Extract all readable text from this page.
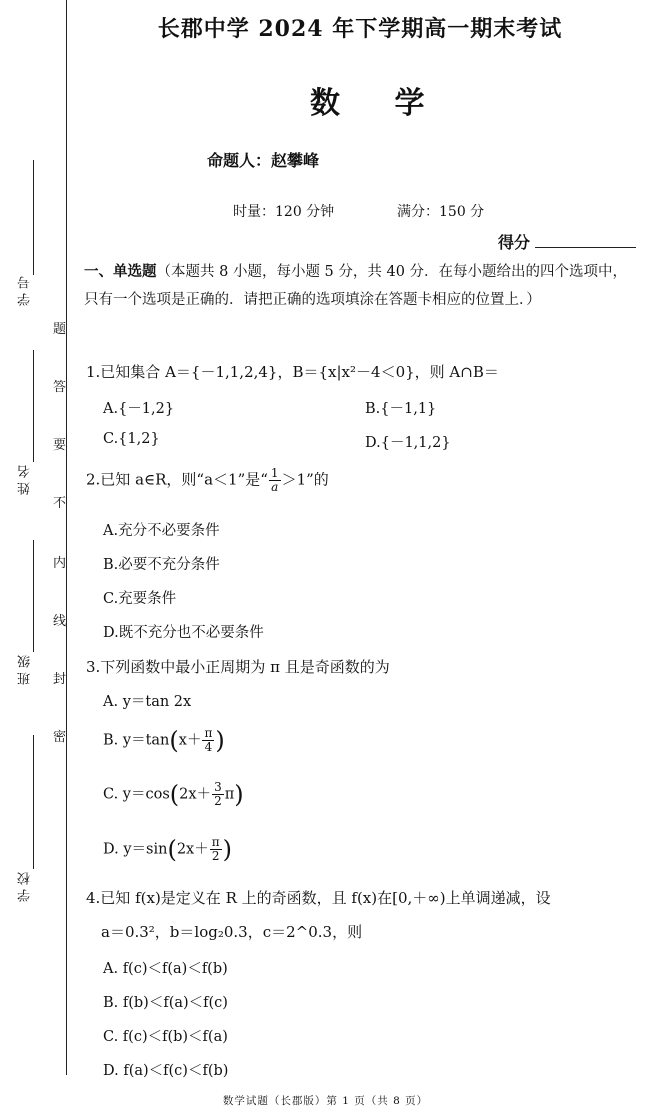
学 号
姓 名
班 级
学 校
题
答
要
不
内
线
封
密
长郡中学 2024 年下学期高一期末考试
数 学
命题人：赵攀峰
时量：120 分钟	满分：150 分
得分
一、单选题（本题共 8 小题，每小题 5 分，共 40 分．在每小题给出的四个选项中，只有一个选项是正确的．请把正确的选项填涂在答题卡相应的位置上．）
1.已知集合 A＝{－1,1,2,4}，B＝{x|x²－4＜0}，则 A∩B＝
A.{－1,2}	B.{－1,1}
C.{1,2}	D.{－1,1,2}
2.已知 a∈R，则“a＜1”是“ $\frac{1}{a} >1$”的
A.充分不必要条件
B.必要不充分条件
C.充要条件
D.既不充分也不必要条件
3.下列函数中最小正周期为 π 且是奇函数的为
A. y＝tan 2x
B. $y=\tan(x+ \frac{\pi}{4}$ )
C. $y=\cos(2x+ \frac{3}{2} \pi)$
D. $y=\sin(2x+ \frac{\pi}{2}$ )
4.已知 f(x)是定义在 R 上的奇函数，且 f(x)在[0,＋∞)上单调递减，设
a＝0.3²，b＝log₂0.3，c＝2^0.3，则
A. f(c)＜f(a)＜f(b)
B. f(b)＜f(a)＜f(c)
C. f(c)＜f(b)＜f(a)
D. f(a)＜f(c)＜f(b)
数学试题（长郡版）第 1 页（共 8 页）
